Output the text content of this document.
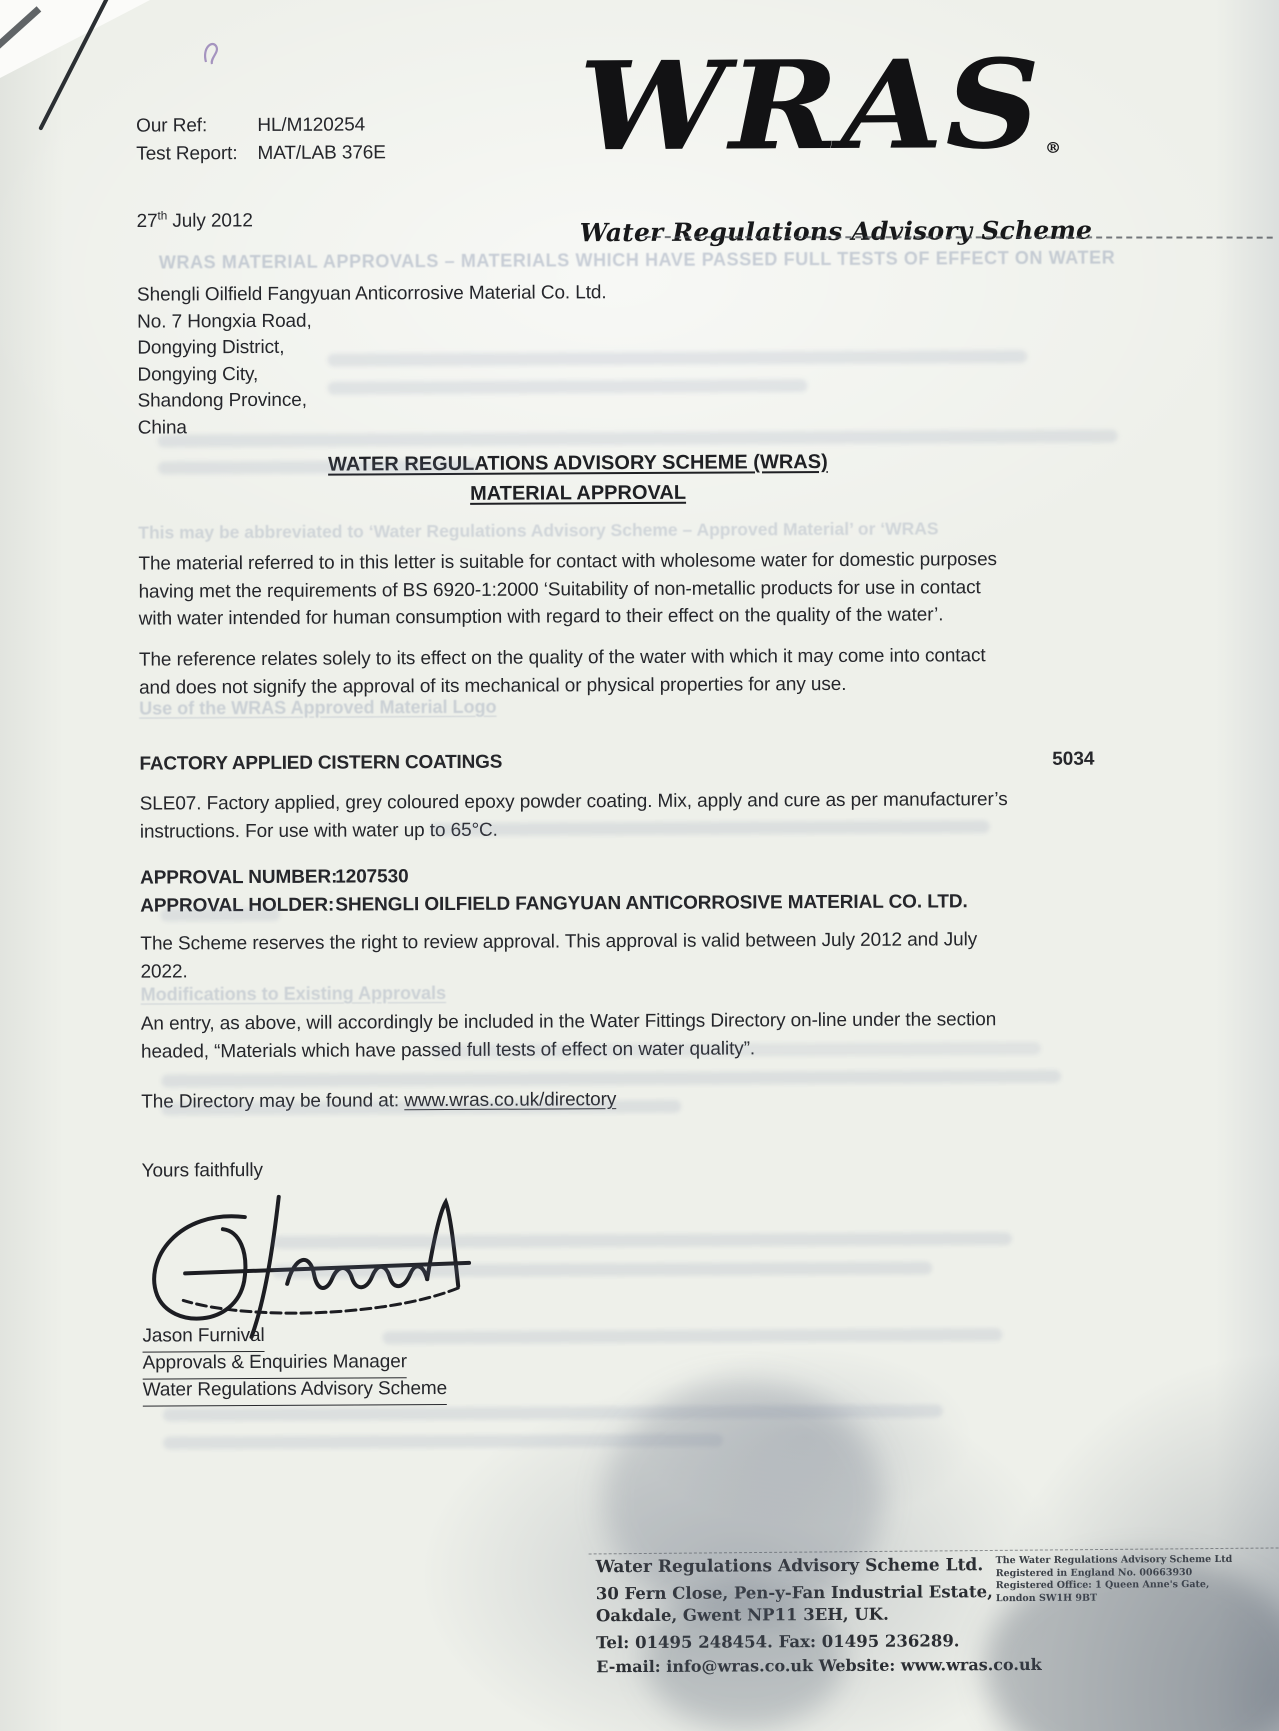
Our Ref:	HL/M120254
Test Report: MAT/LAB 376E
27th July 2012
WRAS ®
Water Regulations Advisory Scheme
WRAS MATERIAL APPROVALS – MATERIALS WHICH HAVE PASSED FULL TESTS OF EFFECT ON WATER
Shengli Oilfield Fangyuan Anticorrosive Material Co. Ltd.
No. 7 Hongxia Road,
Dongying District,
Dongying City,
Shandong Province,
China
WATER REGULATIONS ADVISORY SCHEME (WRAS)
MATERIAL APPROVAL
The material referred to in this letter is suitable for contact with wholesome water for domestic purposes
having met the requirements of BS 6920-1:2000 ‘Suitability of non-metallic products for use in contact
with water intended for human consumption with regard to their effect on the quality of the water’.
The reference relates solely to its effect on the quality of the water with which it may come into contact
and does not signify the approval of its mechanical or physical properties for any use.
Use of the WRAS Approved Material Logo
FACTORY APPLIED CISTERN COATINGS	5034
SLE07. Factory applied, grey coloured epoxy powder coating. Mix, apply and cure as per manufacturer’s
instructions. For use with water up to 65°C.
APPROVAL NUMBER: 1207530
APPROVAL HOLDER: SHENGLI OILFIELD FANGYUAN ANTICORROSIVE MATERIAL CO. LTD.
The Scheme reserves the right to review approval. This approval is valid between July 2012 and July
2022.
Modifications to Existing Approvals
An entry, as above, will accordingly be included in the Water Fittings Directory on-line under the section
headed, “Materials which have passed full tests of effect on water quality”.
The Directory may be found at: www.wras.co.uk/directory
Yours faithfully
Jason Furnival
Approvals & Enquiries Manager
Water Regulations Advisory Scheme
Water Regulations Advisory Scheme Ltd.
30 Fern Close, Pen-y-Fan Industrial Estate,
Oakdale, Gwent NP11 3EH, UK.
Tel: 01495 248454. Fax: 01495 236289.
E-mail: info@wras.co.uk Website: www.wras.co.uk
The Water Regulations Advisory Scheme Ltd
Registered in England No. 00663930
Registered Office: 1 Queen Anne's Gate,
London SW1H 9BT
This may be abbreviated to ‘Water Regulations Advisory Scheme – Approved Material’ or ‘WRAS
